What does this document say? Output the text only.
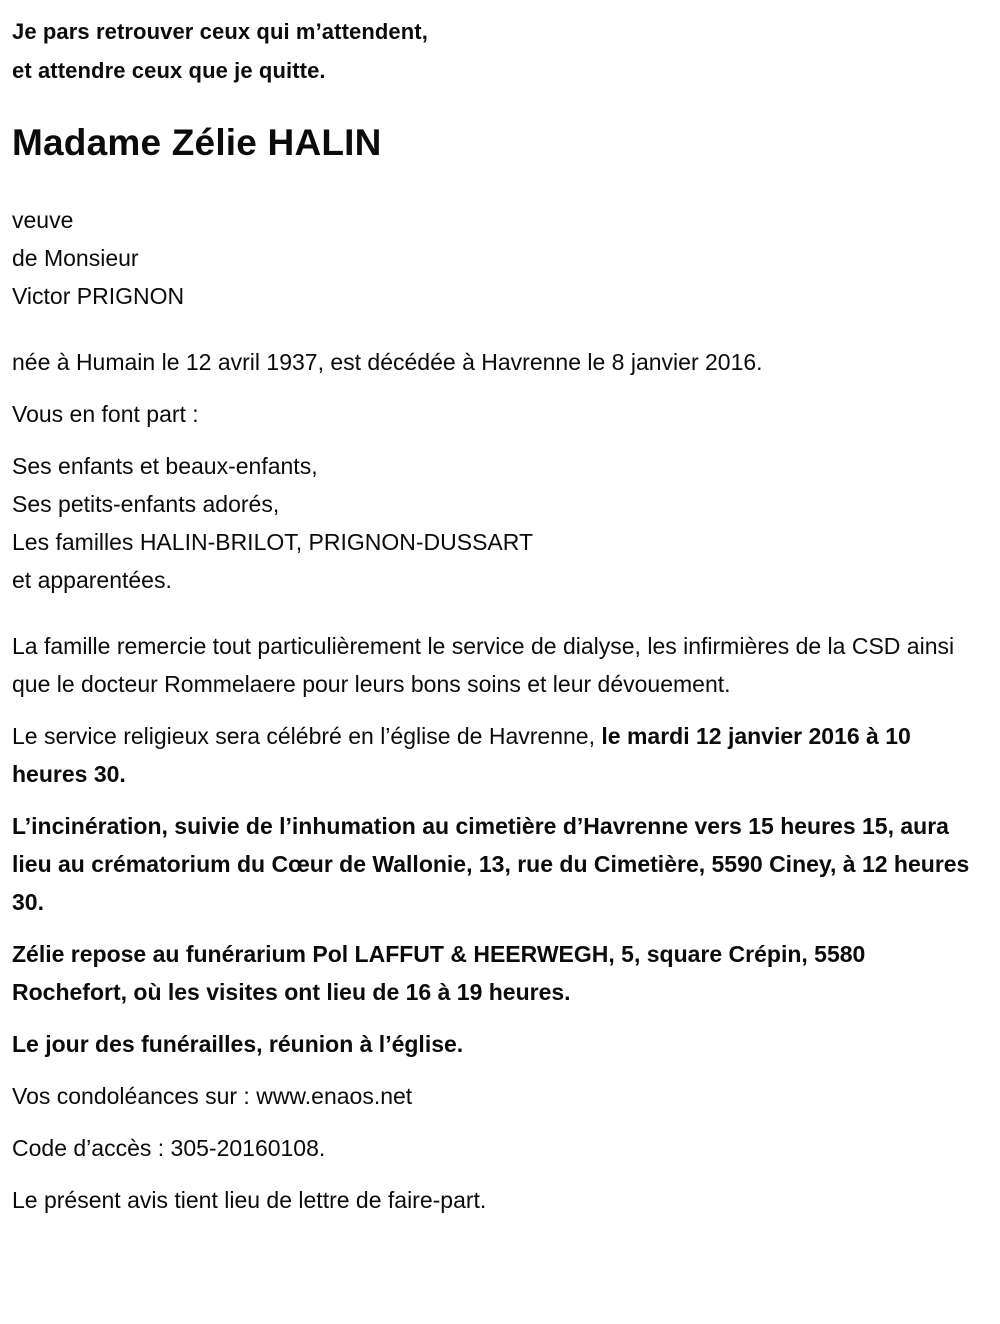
Je pars retrouver ceux qui m’attendent,
et attendre ceux que je quitte.
Madame Zélie HALIN
veuve
de Monsieur
Victor PRIGNON

née à Humain le 12 avril 1937, est décédée à Havrenne le 8 janvier 2016.

Vous en font part :

Ses enfants et beaux-enfants,
Ses petits-enfants adorés,
Les familles HALIN-BRILOT, PRIGNON-DUSSART
et apparentées.

La famille remercie tout particulièrement le service de dialyse, les infirmières de la CSD ainsi que le docteur Rommelaere pour leurs bons soins et leur dévouement.

Le service religieux sera célébré en l’église de Havrenne, le mardi 12 janvier 2016 à 10 heures 30.

L’incinération, suivie de l’inhumation au cimetière d’Havrenne vers 15 heures 15, aura lieu au crématorium du Cœur de Wallonie, 13, rue du Cimetière, 5590 Ciney, à 12 heures 30.

Zélie repose au funérarium Pol LAFFUT & HEERWEGH, 5, square Crépin, 5580 Rochefort, où les visites ont lieu de 16 à 19 heures.

Le jour des funérailles, réunion à l’église.

Vos condoléances sur : www.enaos.net

Code d’accès : 305-20160108.

Le présent avis tient lieu de lettre de faire-part.
